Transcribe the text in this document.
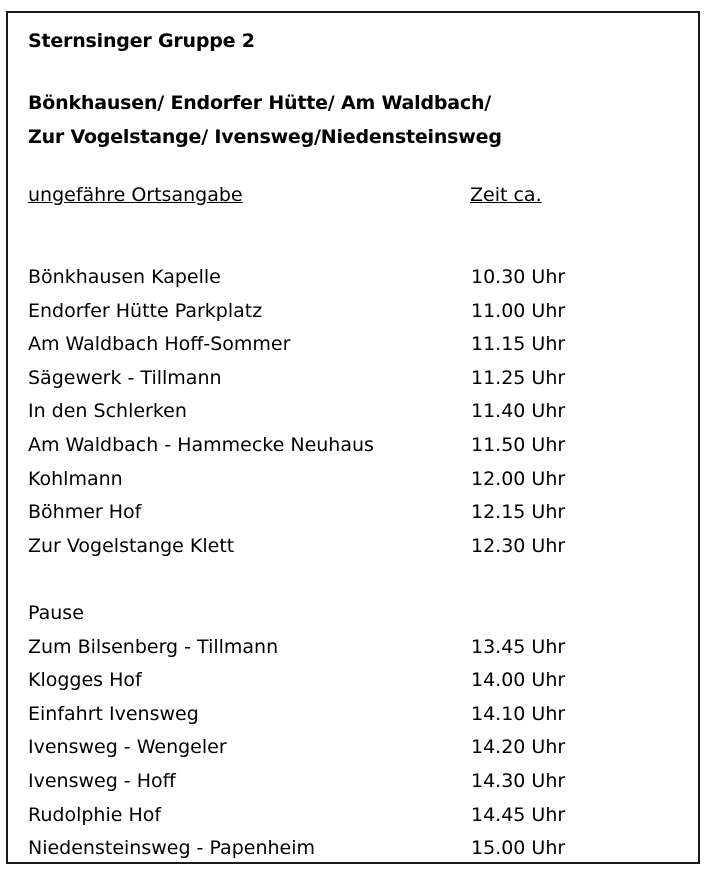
Sternsinger Gruppe 2
Bönkhausen/ Endorfer Hütte/ Am Waldbach/
Zur Vogelstange/ Ivensweg/Niedensteinsweg
ungefähre Ortsangabe	Zeit ca.
Bönkhausen Kapelle	10.30 Uhr
Endorfer Hütte Parkplatz	11.00 Uhr
Am Waldbach Hoff-Sommer	11.15 Uhr
Sägewerk - Tillmann	11.25 Uhr
In den Schlerken	11.40 Uhr
Am Waldbach - Hammecke Neuhaus	11.50 Uhr
Kohlmann	12.00 Uhr
Böhmer Hof	12.15 Uhr
Zur Vogelstange Klett	12.30 Uhr
Pause
Zum Bilsenberg - Tillmann	13.45 Uhr
Klogges Hof	14.00 Uhr
Einfahrt Ivensweg	14.10 Uhr
Ivensweg - Wengeler	14.20 Uhr
Ivensweg - Hoff	14.30 Uhr
Rudolphie Hof	14.45 Uhr
Niedensteinsweg - Papenheim	15.00 Uhr
